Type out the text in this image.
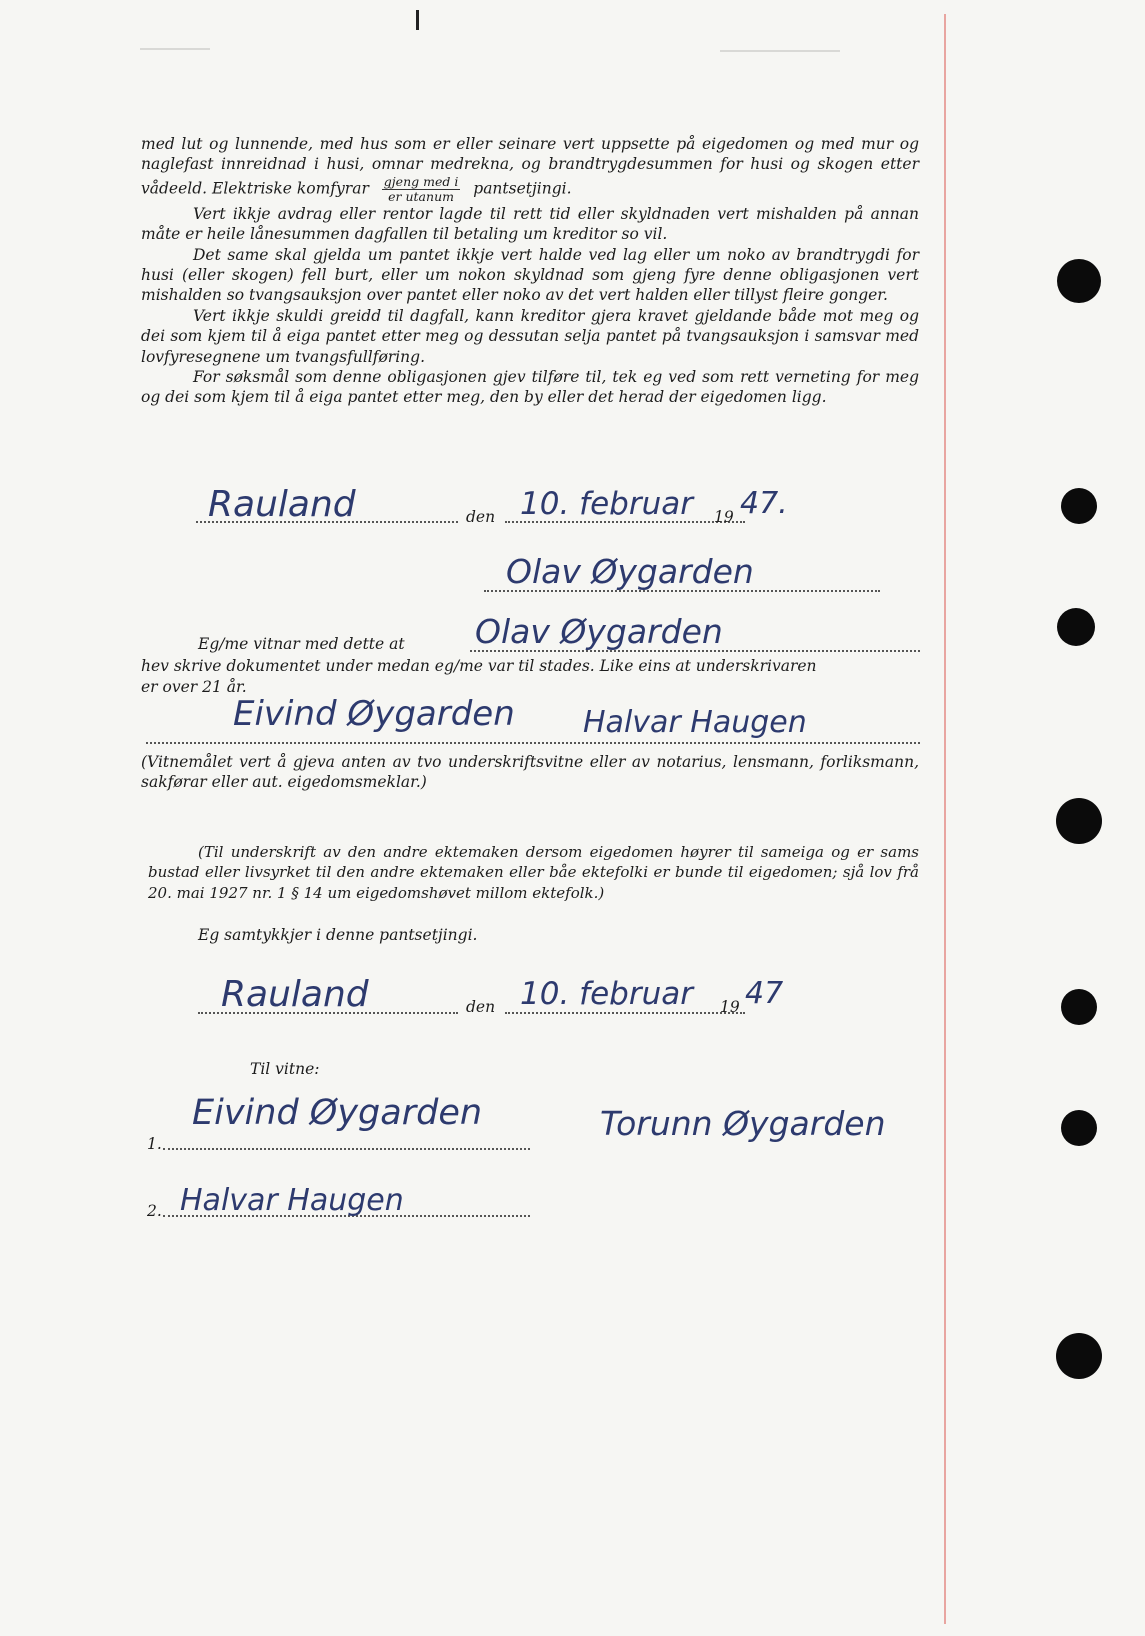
med lut og lunnende, med hus som er eller seinare vert uppsette på eigedomen og med mur og naglefast innreidnad i husi, omnar medrekna, og brandtrygdesummen for husi og skogen etter vådeeld. Elektriske komfyrar $\frac{\text{gjeng med i}}{\text{er utanum}}$ pantsetjingi.

Vert ikkje avdrag eller rentor lagde til rett tid eller skyldnaden vert mishalden på annan måte er heile lånesummen dagfallen til betaling um kreditor so vil.

Det same skal gjelda um pantet ikkje vert halde ved lag eller um noko av brandtrygdi for husi (eller skogen) fell burt, eller um nokon skyldnad som gjeng fyre denne obligasjonen vert mishalden so tvangsauksjon over pantet eller noko av det vert halden eller tillyst fleire gonger.

Vert ikkje skuldi greidd til dagfall, kann kreditor gjera kravet gjeldande både mot meg og dei som kjem til å eiga pantet etter meg og dessutan selja pantet på tvangsauksjon i samsvar med lovfyresegnene um tvangsfullføring.

For søksmål som denne obligasjonen gjev tilføre til, tek eg ved som rett verneting for meg og dei som kjem til å eiga pantet etter meg, den by eller det herad der eigedomen ligg.

Rauland	den 10. februar 19 47.
Olav Øygarden
Eg/me vitnar med dette at Olav Øygarden
hev skrive dokumentet under medan eg/me var til stades. Like eins at underskrivaren
er over 21 år.
Eivind Øygarden Halvar Haugen
(Vitnemålet vert å gjeva anten av tvo underskriftsvitne eller av notarius, lensmann, forliksmann, sakførar eller aut. eigedomsmeklar.)
(Til underskrift av den andre ektemaken dersom eigedomen høyrer til sameiga og er sams bustad eller livsyrket til den andre ektemaken eller båe ektefolki er bunde til eigedomen; sjå lov frå 20. mai 1927 nr. 1 § 14 um eigedomshøvet millom ektefolk.)
Eg samtykkjer i denne pantsetjingi.
Rauland	den 10. februar 19 47
Til vitne:
1.
Eivind Øygarden	Torunn Øygarden
2. Halvar Haugen
